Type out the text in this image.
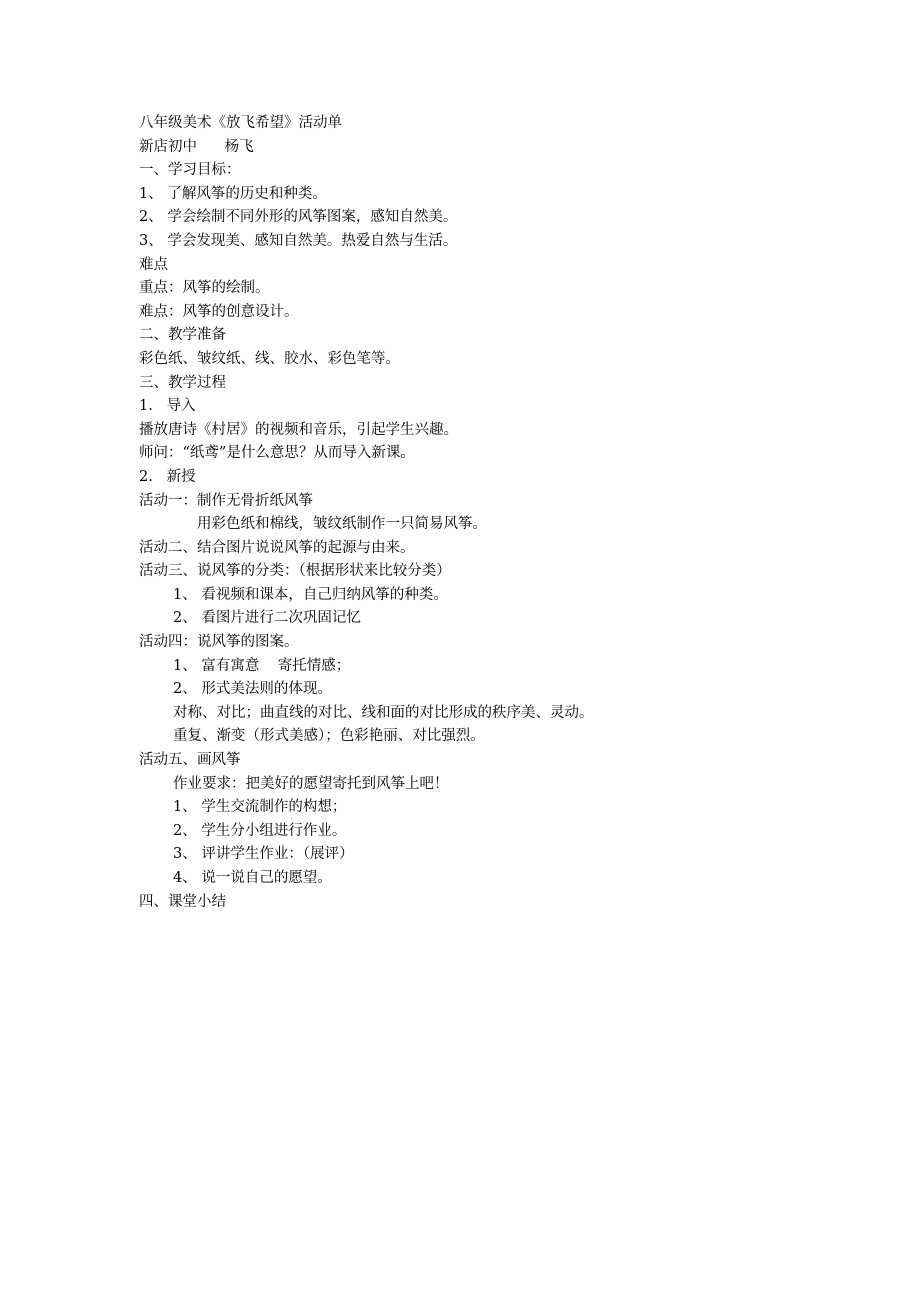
八年级美术《放飞希望》活动单

新店初中      杨飞

一、学习目标：

1、 了解风筝的历史和种类。

2、 学会绘制不同外形的风筝图案，感知自然美。

3、 学会发现美、感知自然美。热爱自然与生活。

难点

重点：风筝的绘制。

难点：风筝的创意设计。

二、教学准备

彩色纸、皱纹纸、线、胶水、彩色笔等。

三、教学过程

1.   导入

播放唐诗《村居》的视频和音乐，引起学生兴趣。

师问：“纸鸢”是什么意思？从而导入新课。

2.   新授

活动一：制作无骨折纸风筝

用彩色纸和棉线，皱纹纸制作一只简易风筝。

活动二、结合图片说说风筝的起源与由来。

活动三、说风筝的分类：（根据形状来比较分类）

1、 看视频和课本，自己归纳风筝的种类。

2、 看图片进行二次巩固记忆

活动四：说风筝的图案。

1、 富有寓意    寄托情感；

2、 形式美法则的体现。

对称、对比；曲直线的对比、线和面的对比形成的秩序美、灵动。

重复、渐变（形式美感）；色彩艳丽、对比强烈。

活动五、画风筝

作业要求：把美好的愿望寄托到风筝上吧！

1、 学生交流制作的构想；

2、 学生分小组进行作业。

3、 评讲学生作业：（展评）

4、 说一说自己的愿望。

四、课堂小结
